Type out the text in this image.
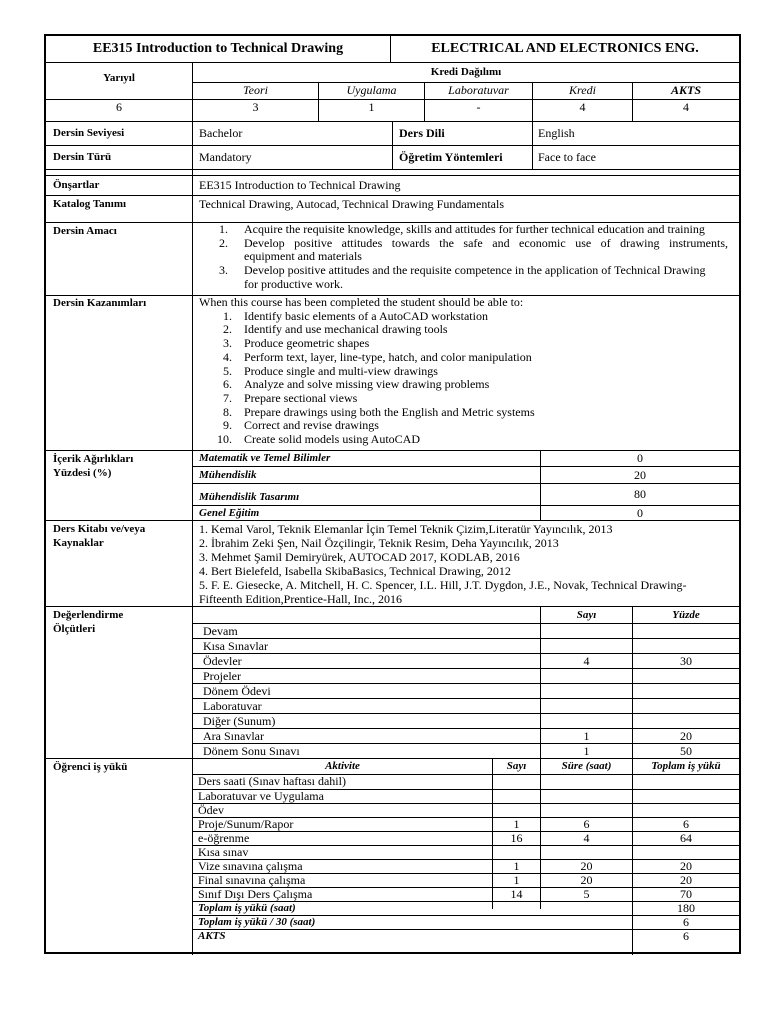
EE315 Introduction to Technical Drawing	ELECTRICAL AND ELECTRONICS ENG.
Yarıyıl	Kredi Dağılımı
Teori	Uygulama	Laboratuvar	Kredi	AKTS
6	3	1	-	4	4
Dersin Seviyesi	Bachelor	Ders Dili	English
Dersin Türü	Mandatory	Öğretim Yöntemleri	Face to face
Önşartlar	EE315 Introduction to Technical Drawing
Katalog Tanımı	Technical Drawing, Autocad, Technical Drawing Fundamentals
Dersin Amacı	1. Acquire the requisite knowledge, skills and attitudes for further technical education and training
2. Develop positive attitudes towards the safe and economic use of drawing instruments,
equipment and materials
3. Develop positive attitudes and the requisite competence in the application of Technical Drawing
for productive work.
Dersin Kazanımları	When this course has been completed the student should be able to:
1. Identify basic elements of a AutoCAD workstation
2. Identify and use mechanical drawing tools
3. Produce geometric shapes
4. Perform text, layer, line-type, hatch, and color manipulation
5. Produce single and multi-view drawings
6. Analyze and solve missing view drawing problems
7. Prepare sectional views
8. Prepare drawings using both the English and Metric systems
9. Correct and revise drawings
10. Create solid models using AutoCAD
İçerik Ağırlıkları
Yüzdesi (%)
Matematik ve Temel Bilimler	0
Mühendislik	20
Mühendislik Tasarımı	80
Genel Eğitim	0
Ders Kitabı ve/veya
Kaynaklar
1. Kemal Varol, Teknik Elemanlar İçin Temel Teknik Çizim,Literatür Yayıncılık, 2013
2. İbrahim Zeki Şen, Nail Özçilingir, Teknik Resim, Deha Yayıncılık, 2013
3. Mehmet Şamil Demiryürek, AUTOCAD 2017, KODLAB, 2016
4. Bert Bielefeld, Isabella SkibaBasics, Technical Drawing, 2012
5. F. E. Giesecke, A. Mitchell, H. C. Spencer, I.L. Hill, J.T. Dygdon, J.E., Novak, Technical Drawing-
Fifteenth Edition,Prentice-Hall, Inc., 2016
Değerlendirme
Ölçütleri
Sayı	Yüzde
Devam
Kısa Sınavlar
Ödevler	4	30
Projeler
Dönem Ödevi
Laboratuvar
Diğer (Sunum)
Ara Sınavlar	1	20
Dönem Sonu Sınavı	1	50
Öğrenci iş yükü	Aktivite	Sayı	Süre (saat)	Toplam iş yükü
Ders saati (Sınav haftası dahil)
Laboratuvar ve Uygulama
Ödev
Proje/Sunum/Rapor	1	6	6
e-öğrenme	16	4	64
Kısa sınav
Vize sınavına çalışma	1	20	20
Final sınavına çalışma	1	20	20
Sınıf Dışı Ders Çalışma	14	5	70
Toplam iş yükü (saat)	180
Toplam iş yükü / 30 (saat)	6
AKTS	6
